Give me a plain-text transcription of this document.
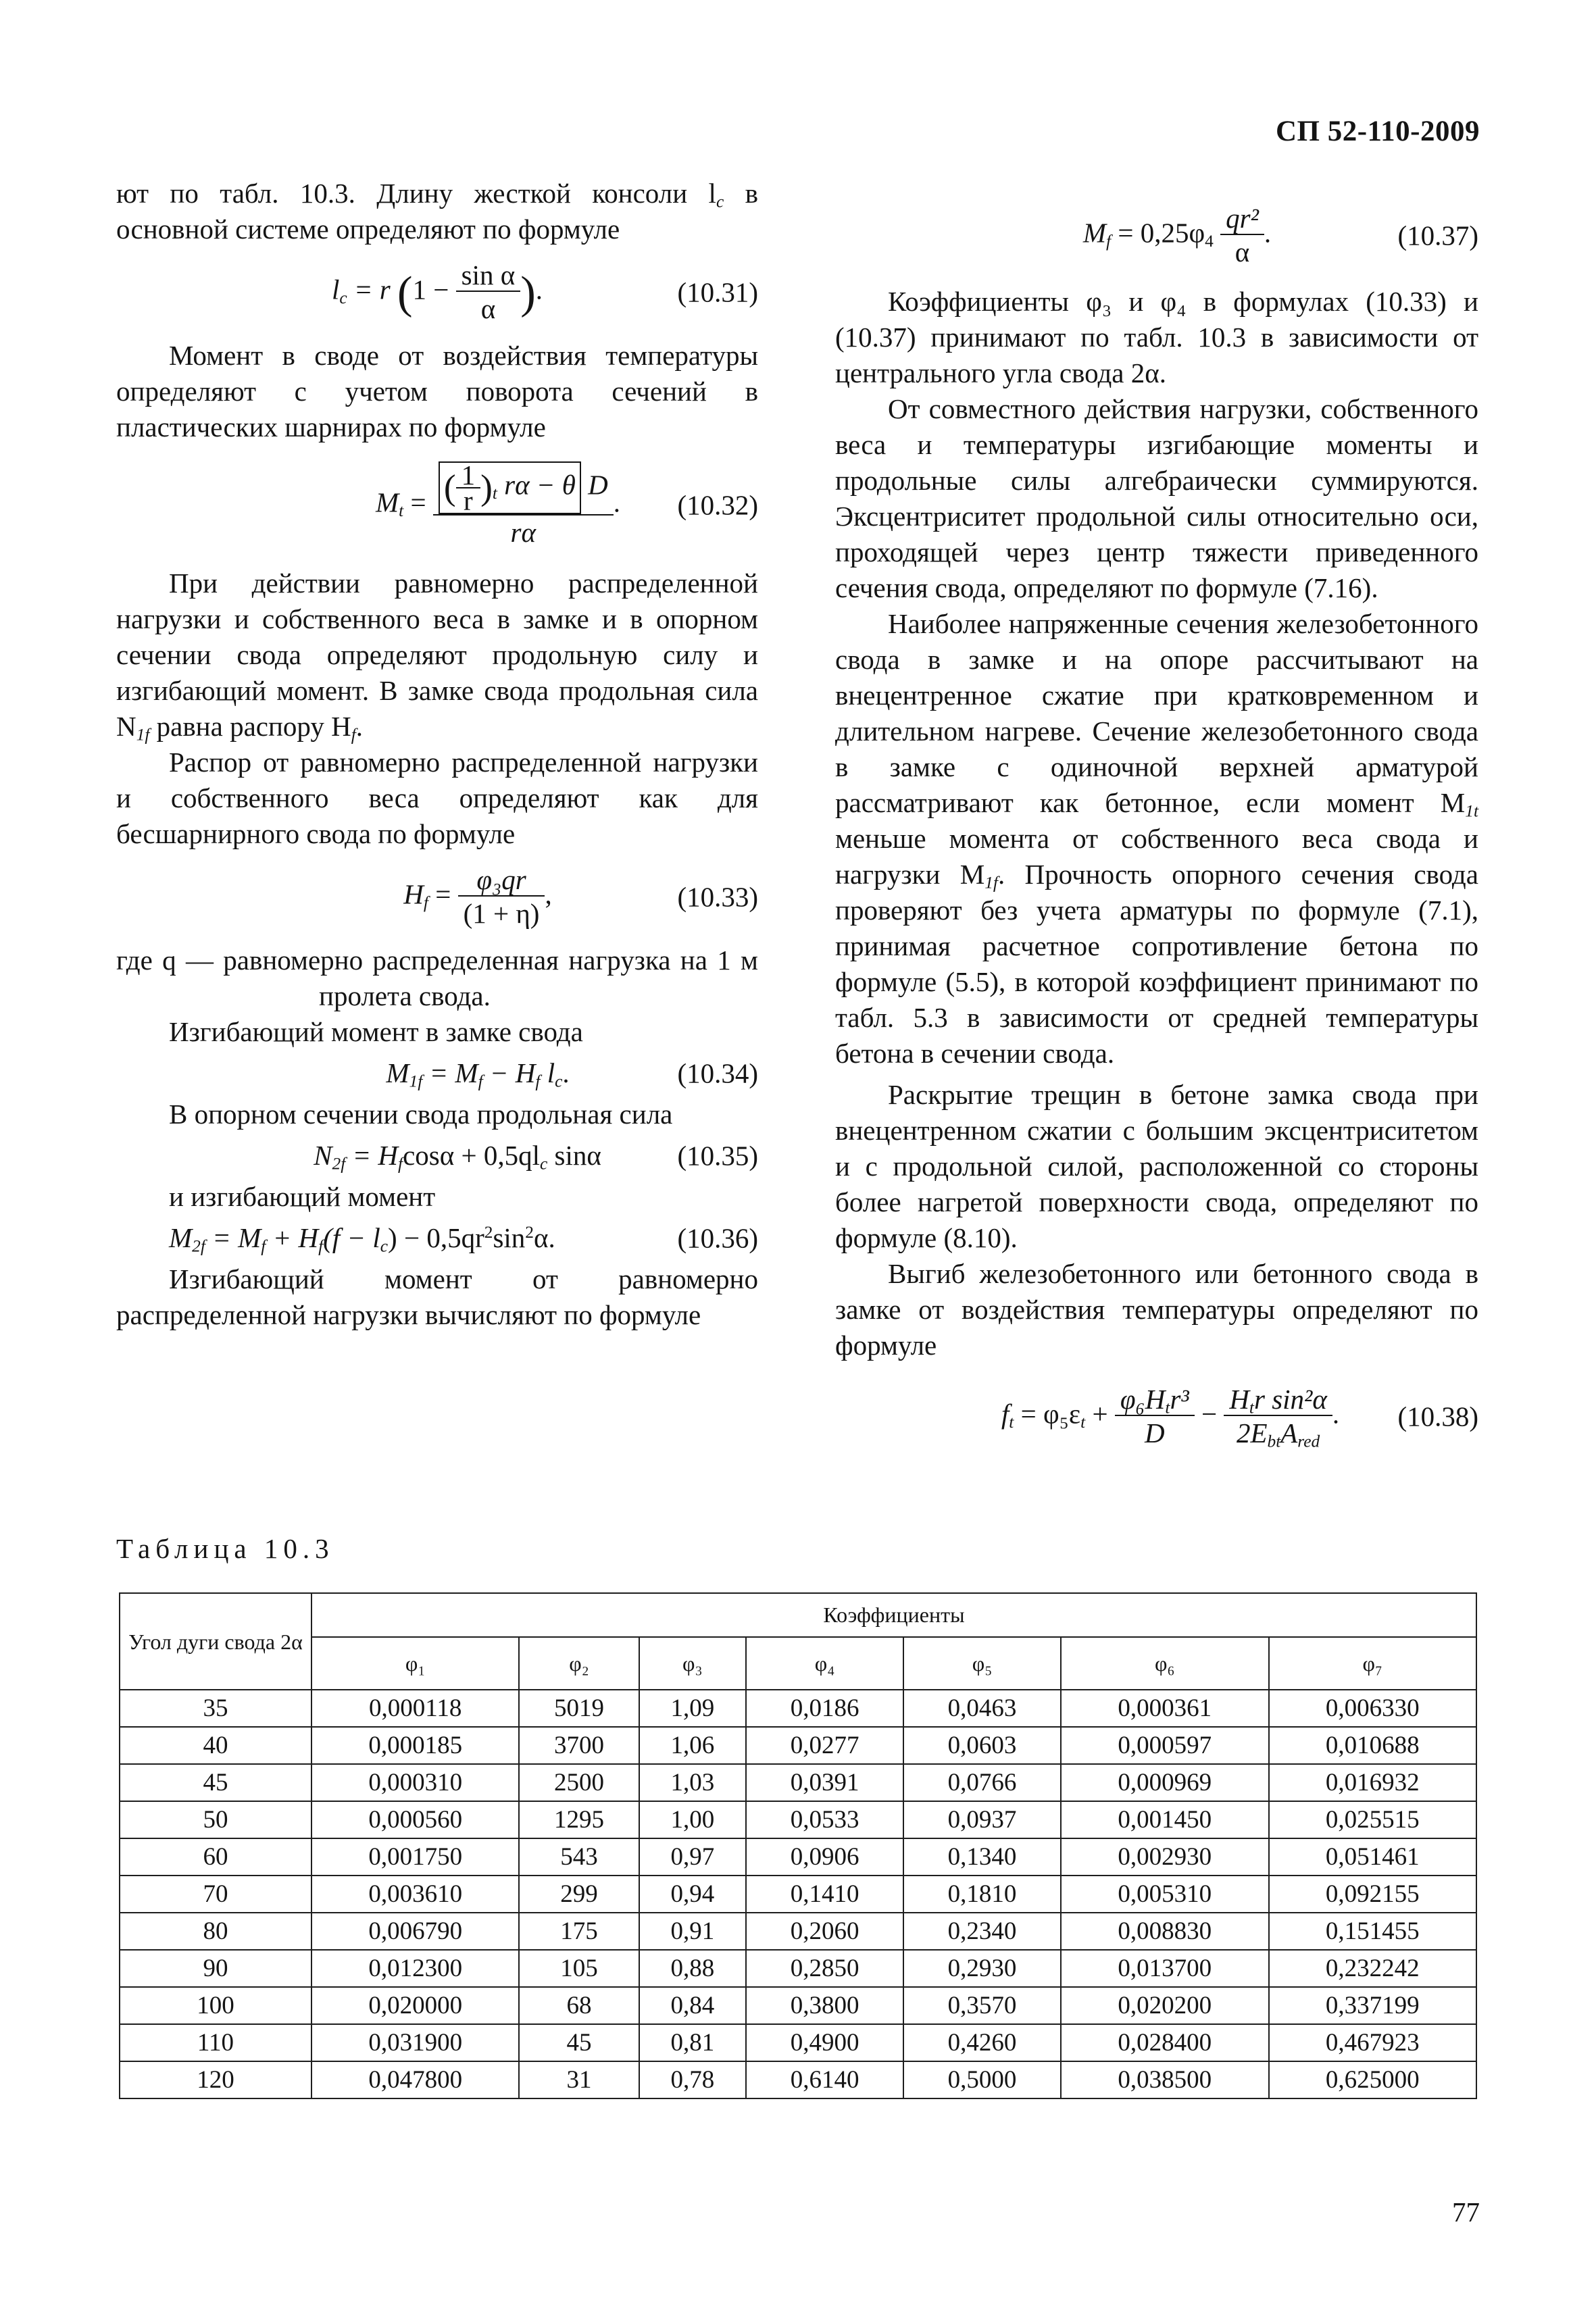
СП 52-110-2009

ют по табл. 10.3. Длину жесткой консоли $l_c$ в основной системе определяют по формуле

$l_c = r$ ($1 - \frac{\text{sin α}}{\alpha}$ ).	(10.31)

Момент в своде от воздействия температуры определяют с учетом поворота сечений в пластических шарнирах по формуле

$M_t = \frac{( \frac{1}{r} )_t r\alpha - \theta D}{r\alpha}$ .	(10.32)

При действии равномерно распределенной нагрузки и собственного веса в замке и в опорном сечении свода определяют продольную силу и изгибающий момент. В замке свода продольная сила $N_{1f}$ равна распору $H_f$.

Распор от равномерно распределенной нагрузки и собственного веса определяют как для бесшарнирного свода по формуле

$H_f = \frac{\text{φ₃qr}}{(1 + \eta)}$ ,	(10.33)

где q — равномерно распределенная нагрузка на 1 м пролета свода.

Изгибающий момент в замке свода

$M_{1f} = M_f - H_f$ $l_c$.	(10.34)

В опорном сечении свода продольная сила

$N_{2f} = H_f\cos\alpha + 0,5ql_c$ sinα	(10.35)

и изгибающий момент

$M_{2f} = M_f + H_f(f - l_c) - 0,5qr^2\sin^2\alpha$.	(10.36)

Изгибающий момент от равномерно распределенной нагрузки вычисляют по формуле

$M_f = 0,25\varphi_4 \frac{\text{qr²}}{\alpha}$ .	(10.37)

Коэффициенты φ₃ и φ₄ в формулах (10.33) и (10.37) принимают по табл. 10.3 в зависимости от центрального угла свода 2α.

От совместного действия нагрузки, собственного веса и температуры изгибающие моменты и продольные силы алгебраически суммируются. Эксцентриситет продольной силы относительно оси, проходящей через центр тяжести приведенного сечения свода, определяют по формуле (7.16).

Наиболее напряженные сечения железобетонного свода в замке и на опоре рассчитывают на внецентренное сжатие при кратковременном и длительном нагреве. Сечение железобетонного свода в замке с одиночной верхней арматурой рассматривают как бетонное, если момент $M_{1t}$ меньше момента от собственного веса свода и нагрузки $M_{1f}$. Прочность опорного сечения свода проверяют без учета арматуры по формуле (7.1), принимая расчетное сопротивление бетона по формуле (5.5), в которой коэффициент принимают по табл. 5.3 в зависимости от средней температуры бетона в сечении свода.

Раскрытие трещин в бетоне замка свода при внецентренном сжатии с большим эксцентриситетом и с продольной силой, расположенной со стороны более нагретой поверхности свода, определяют по формуле (8.10).

Выгиб железобетонного или бетонного свода в замке от воздействия температуры определяют по формуле

$f_t = \varphi_5\varepsilon_t + \frac{\varphi_6H_tr^3}{D} - \frac{H_tr \sin^2\alpha}{2E_{bt}A_{red}}$ .	(10.38)
Таблица 10.3
Угол дуги свода 2α	Коэффициенты						
	φ₁	φ₂	φ₃	φ₄	φ₅	φ₆	φ₇
35	0,000118	5019	1,09	0,0186	0,0463	0,000361	0,006330
40	0,000185	3700	1,06	0,0277	0,0603	0,000597	0,010688
45	0,000310	2500	1,03	0,0391	0,0766	0,000969	0,016932
50	0,000560	1295	1,00	0,0533	0,0937	0,001450	0,025515
60	0,001750	543	0,97	0,0906	0,1340	0,002930	0,051461
70	0,003610	299	0,94	0,1410	0,1810	0,005310	0,092155
80	0,006790	175	0,91	0,2060	0,2340	0,008830	0,151455
90	0,012300	105	0,88	0,2850	0,2930	0,013700	0,232242
100	0,020000	68	0,84	0,3800	0,3570	0,020200	0,337199
110	0,031900	45	0,81	0,4900	0,4260	0,028400	0,467923
120	0,047800	31	0,78	0,6140	0,5000	0,038500	0,625000
77
